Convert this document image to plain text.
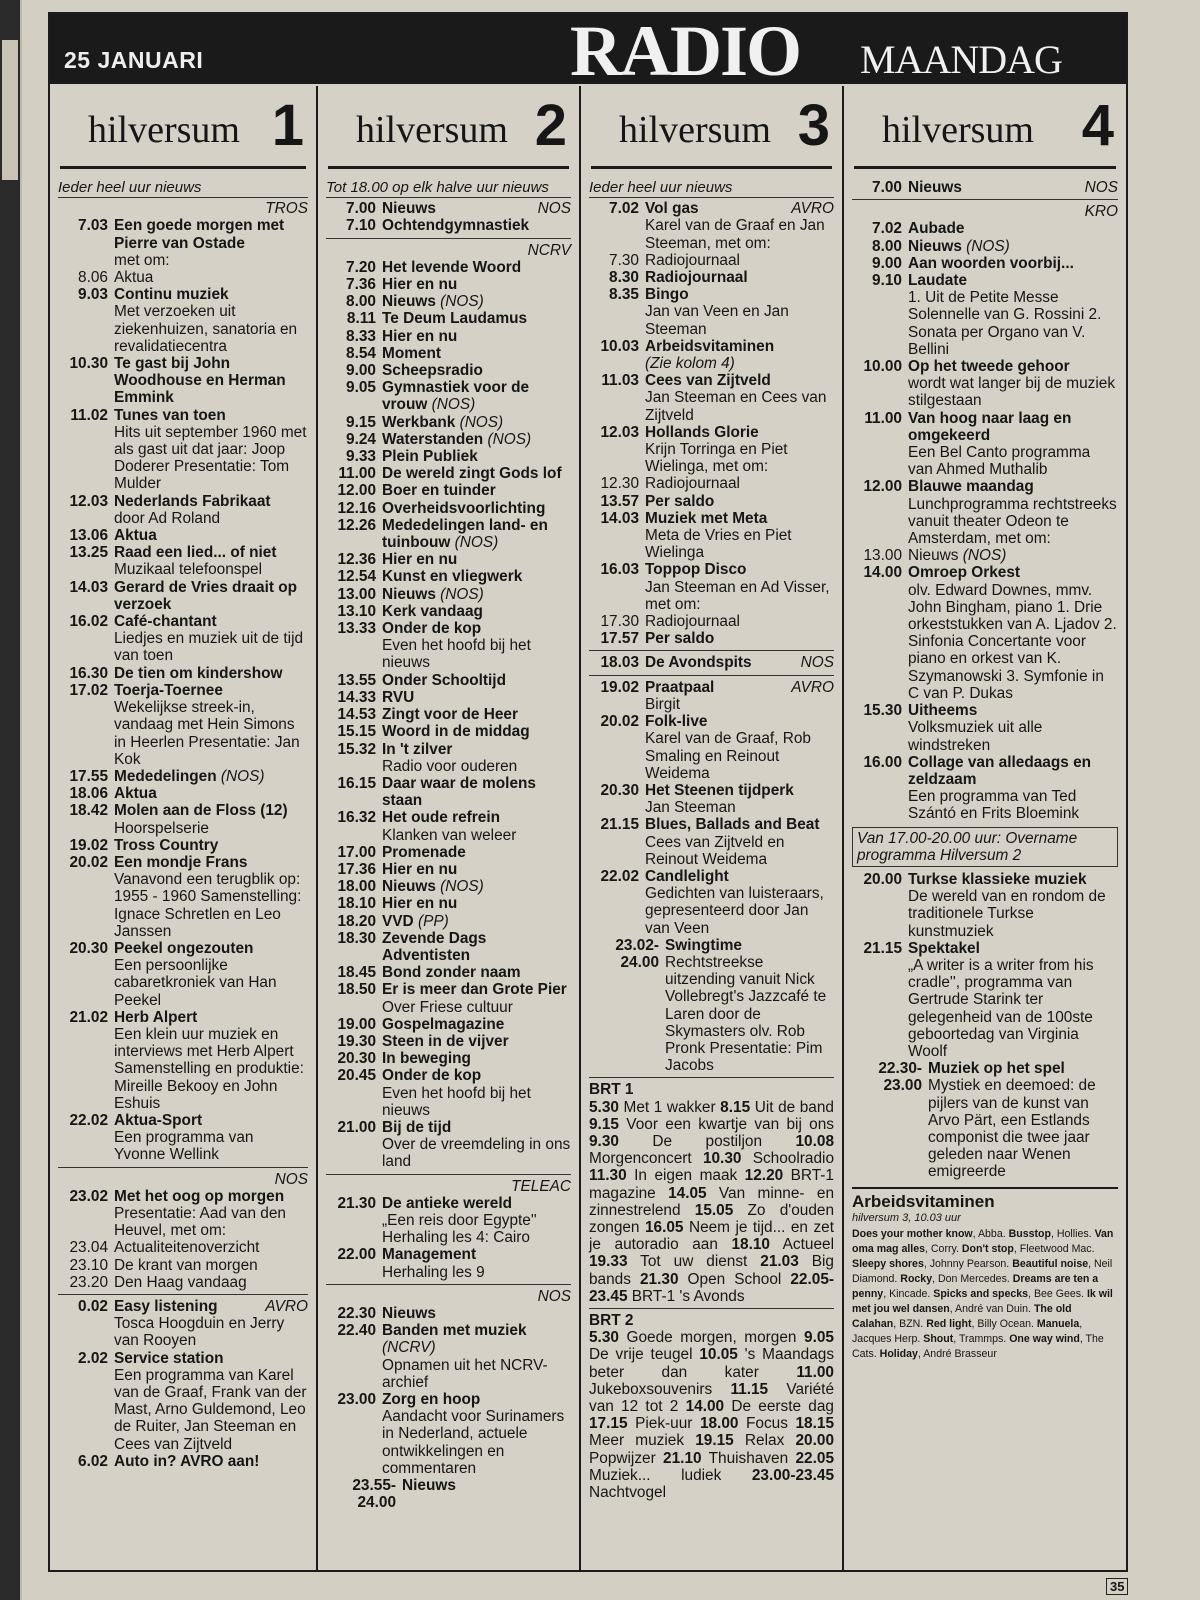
25 JANUARI	RADIO MAANDAG
hilversum 1
Ieder heel uur nieuws
TROS
7.03 Een goede morgen met Pierre van Ostade
met om:
8.06 Aktua
9.03 Continu muziek
Met verzoeken uit ziekenhuizen, sanatoria en revalidatiecentra
10.30 Te gast bij John Woodhouse en Herman Emmink
11.02 Tunes van toen
Hits uit september 1960 met als gast uit dat jaar: Joop Doderer Presentatie: Tom Mulder
12.03 Nederlands Fabrikaat
door Ad Roland
13.06 Aktua
13.25 Raad een lied... of niet
Muzikaal telefoonspel
14.03 Gerard de Vries draait op verzoek
16.02 Café-chantant
Liedjes en muziek uit de tijd van toen
16.30 De tien om kindershow
17.02 Toerja-Toernee
Wekelijkse streek-in, vandaag met Hein Simons in Heerlen Presentatie: Jan Kok
17.55 Mededelingen (NOS)
18.06 Aktua
18.42 Molen aan de Floss (12)
Hoorspelserie
19.02 Tross Country
20.02 Een mondje Frans
Vanavond een terugblik op: 1955 - 1960 Samenstelling: Ignace Schretlen en Leo Janssen
20.30 Peekel ongezouten
Een persoonlijke cabaretkroniek van Han Peekel
21.02 Herb Alpert
Een klein uur muziek en interviews met Herb Alpert Samenstelling en produktie: Mireille Bekooy en John Eshuis
22.02 Aktua-Sport
Een programma van Yvonne Wellink
NOS
23.02 Met het oog op morgen
Presentatie: Aad van den Heuvel, met om:
23.04 Actualiteitenoverzicht
23.10 De krant van morgen
23.20 Den Haag vandaag
0.02 Easy listening	AVRO
Tosca Hoogduin en Jerry van Rooyen
2.02 Service station
Een programma van Karel van de Graaf, Frank van der Mast, Arno Guldemond, Leo de Ruiter, Jan Steeman en Cees van Zijtveld
6.02 Auto in? AVRO aan!
hilversum 2
Tot 18.00 op elk halve uur nieuws
7.00 Nieuws	NOS
7.10 Ochtendgymnastiek
NCRV
7.20 Het levende Woord
7.36 Hier en nu
8.00 Nieuws (NOS)
8.11 Te Deum Laudamus
8.33 Hier en nu
8.54 Moment
9.00 Scheepsradio
9.05 Gymnastiek voor de vrouw (NOS)
9.15 Werkbank (NOS)
9.24 Waterstanden (NOS)
9.33 Plein Publiek
11.00 De wereld zingt Gods lof
12.00 Boer en tuinder
12.16 Overheidsvoorlichting
12.26 Mededelingen land- en tuinbouw (NOS)
12.36 Hier en nu
12.54 Kunst en vliegwerk
13.00 Nieuws (NOS)
13.10 Kerk vandaag
13.33 Onder de kop
Even het hoofd bij het nieuws
13.55 Onder Schooltijd
14.33 RVU
14.53 Zingt voor de Heer
15.15 Woord in de middag
15.32 In 't zilver
Radio voor ouderen
16.15 Daar waar de molens staan
16.32 Het oude refrein
Klanken van weleer
17.00 Promenade
17.36 Hier en nu
18.00 Nieuws (NOS)
18.10 Hier en nu
18.20 VVD (PP)
18.30 Zevende Dags Adventisten
18.45 Bond zonder naam
18.50 Er is meer dan Grote Pier
Over Friese cultuur
19.00 Gospelmagazine
19.30 Steen in de vijver
20.30 In beweging
20.45 Onder de kop
Even het hoofd bij het nieuws
21.00 Bij de tijd
Over de vreemdeling in ons land
TELEAC
21.30 De antieke wereld
„Een reis door Egypte'' Herhaling les 4: Cairo
22.00 Management
Herhaling les 9
NOS
22.30 Nieuws
22.40 Banden met muziek
(NCRV)
Opnamen uit het NCRV-archief
23.00 Zorg en hoop
Aandacht voor Surinamers in Nederland, actuele ontwikkelingen en commentaren
23.55-24.00
Nieuws
hilversum 3
Ieder heel uur nieuws
7.02 Vol gas	AVRO
Karel van de Graaf en Jan Steeman, met om:
7.30 Radiojournaal
8.30 Radiojournaal
8.35 Bingo
Jan van Veen en Jan Steeman
10.03 Arbeidsvitaminen
(Zie kolom 4)
11.03 Cees van Zijtveld
Jan Steeman en Cees van Zijtveld
12.03 Hollands Glorie
Krijn Torringa en Piet Wielinga, met om:
12.30 Radiojournaal
13.57 Per saldo
14.03 Muziek met Meta
Meta de Vries en Piet Wielinga
16.03 Toppop Disco
Jan Steeman en Ad Visser, met om:
17.30 Radiojournaal
17.57 Per saldo
18.03 De Avondspits	NOS
19.02 Praatpaal	AVRO
Birgit
20.02 Folk-live
Karel van de Graaf, Rob Smaling en Reinout Weidema
20.30 Het Steenen tijdperk
Jan Steeman
21.15 Blues, Ballads and Beat
Cees van Zijtveld en Reinout Weidema
22.02 Candlelight
Gedichten van luisteraars, gepresenteerd door Jan van Veen
23.02-24.00
Swingtime
Rechtstreekse uitzending vanuit Nick Vollebregt's Jazzcafé te Laren door de Skymasters olv. Rob Pronk Presentatie: Pim Jacobs
BRT 1
5.30 Met 1 wakker 8.15 Uit de band 9.15 Voor een kwartje van bij ons 9.30 De postiljon 10.08 Morgenconcert 10.30 Schoolradio 11.30 In eigen maak 12.20 BRT-1 magazine 14.05 Van minne- en zinnestrelend 15.05 Zo d'ouden zongen 16.05 Neem je tijd... en zet je autoradio aan 18.10 Actueel 19.33 Tot uw dienst 21.03 Big bands 21.30 Open School 22.05-23.45 BRT-1 's Avonds
BRT 2
5.30 Goede morgen, morgen 9.05 De vrije teugel 10.05 's Maandags beter dan kater 11.00 Jukeboxsouvenirs 11.15 Variété van 12 tot 2 14.00 De eerste dag 17.15 Piek-uur 18.00 Focus 18.15 Meer muziek 19.15 Relax 20.00 Popwijzer 21.10 Thuishaven 22.05 Muziek... ludiek 23.00-23.45 Nachtvogel
hilversum 4
7.00 Nieuws	NOS
KRO
7.02 Aubade
8.00 Nieuws (NOS)
9.00 Aan woorden voorbij...
9.10 Laudate
1. Uit de Petite Messe Solennelle van G. Rossini 2. Sonata per Organo van V. Bellini
10.00 Op het tweede gehoor
wordt wat langer bij de muziek stilgestaan
11.00 Van hoog naar laag en omgekeerd
Een Bel Canto programma van Ahmed Muthalib
12.00 Blauwe maandag
Lunchprogramma rechtstreeks vanuit theater Odeon te Amsterdam, met om:
13.00 Nieuws (NOS)
14.00 Omroep Orkest
olv. Edward Downes, mmv. John Bingham, piano 1. Drie orkeststukken van A. Ljadov 2. Sinfonia Concertante voor piano en orkest van K. Szymanowski 3. Symfonie in C van P. Dukas
15.30 Uitheems
Volksmuziek uit alle windstreken
16.00 Collage van alledaags en zeldzaam
Een programma van Ted Szántó en Frits Bloemink
Van 17.00-20.00 uur: Overname programma Hilversum 2
20.00 Turkse klassieke muziek
De wereld van en rondom de traditionele Turkse kunstmuziek
21.15 Spektakel
„A writer is a writer from his cradle'', programma van Gertrude Starink ter gelegenheid van de 100ste geboortedag van Virginia Woolf
22.30-23.00
Muziek op het spel
Mystiek en deemoed: de pijlers van de kunst van Arvo Pärt, een Estlands componist die twee jaar geleden naar Wenen emigreerde
Arbeidsvitaminen
hilversum 3, 10.03 uur
Does your mother know, Abba. Busstop, Hollies. Van oma mag alles, Corry. Don't stop, Fleetwood Mac. Sleepy shores, Johnny Pearson. Beautiful noise, Neil Diamond. Rocky, Don Mercedes. Dreams are ten a penny, Kincade. Spicks and specks, Bee Gees. Ik wil met jou wel dansen, André van Duin. The old Calahan, BZN. Red light, Billy Ocean. Manuela, Jacques Herp. Shout, Trammps. One way wind, The Cats. Holiday, André Brasseur
35
